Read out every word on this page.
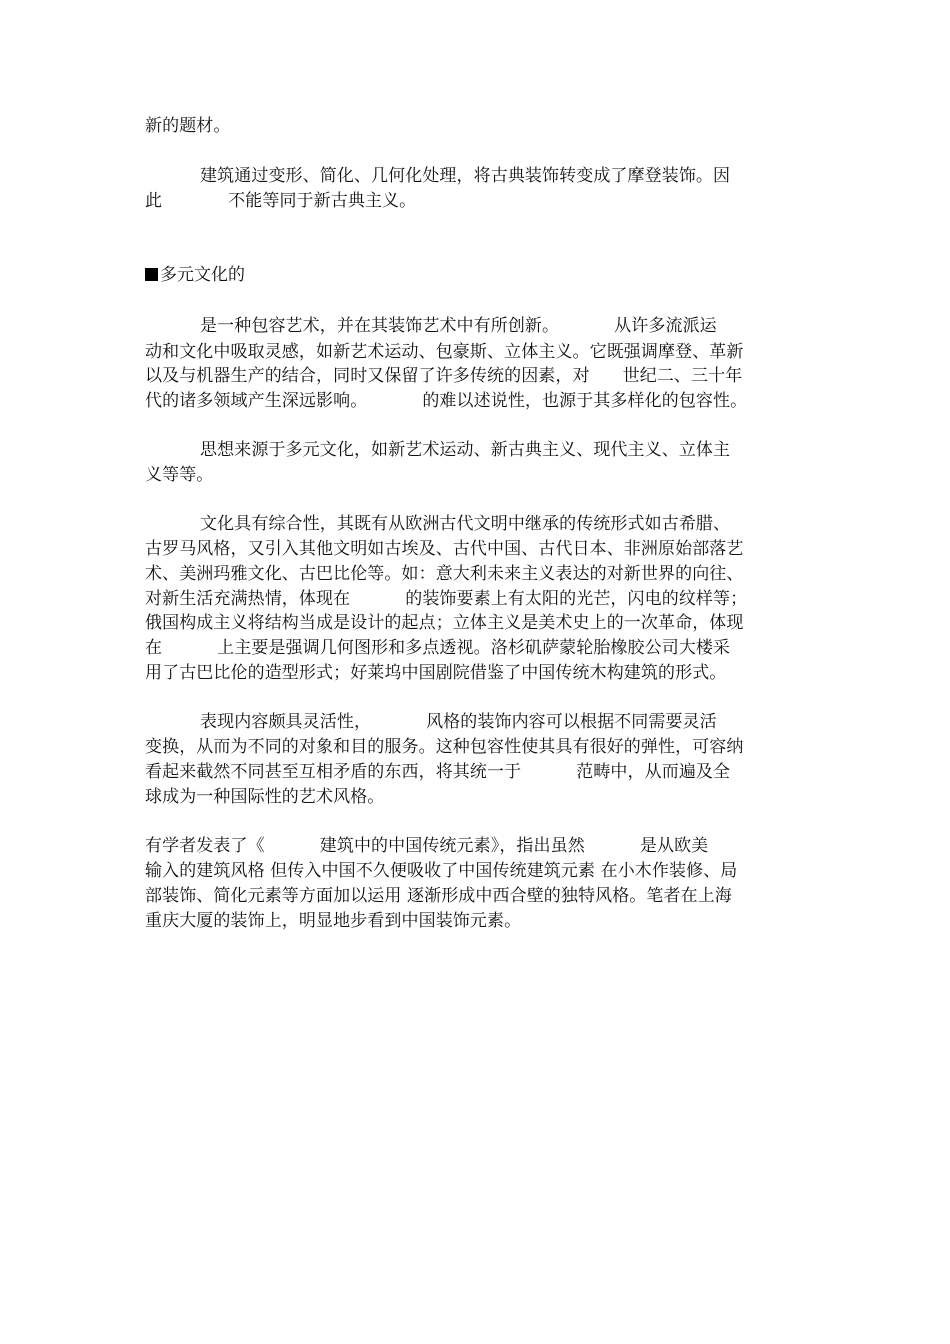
新的题材。
建筑通过变形、简化、几何化处理，将古典装饰转变成了摩登装饰。因
此            不能等同于新古典主义。
多元文化的
是一种包容艺术，并在其装饰艺术中有所创新。          从许多流派运
动和文化中吸取灵感，如新艺术运动、包豪斯、立体主义。它既强调摩登、革新
以及与机器生产的结合，同时又保留了许多传统的因素，对      世纪二、三十年
代的诸多领域产生深远影响。          的难以述说性，也源于其多样化的包容性。
思想来源于多元文化，如新艺术运动、新古典主义、现代主义、立体主
义等等。
文化具有综合性，其既有从欧洲古代文明中继承的传统形式如古希腊、
古罗马风格，又引入其他文明如古埃及、古代中国、古代日本、非洲原始部落艺
术、美洲玛雅文化、古巴比伦等。如：意大利未来主义表达的对新世界的向往、
对新生活充满热情，体现在          的装饰要素上有太阳的光芒，闪电的纹样等；
俄国构成主义将结构当成是设计的起点；立体主义是美术史上的一次革命，体现
在          上主要是强调几何图形和多点透视。洛杉矶萨蒙轮胎橡胶公司大楼采
用了古巴比伦的造型形式；好莱坞中国剧院借鉴了中国传统木构建筑的形式。
表现内容颇具灵活性，          风格的装饰内容可以根据不同需要灵活
变换，从而为不同的对象和目的服务。这种包容性使其具有很好的弹性，可容纳
看起来截然不同甚至互相矛盾的东西，将其统一于          范畴中，从而遍及全
球成为一种国际性的艺术风格。
有学者发表了《          建筑中的中国传统元素》，指出虽然          是从欧美
输入的建筑风格 但传入中国不久便吸收了中国传统建筑元素 在小木作装修、局
部装饰、简化元素等方面加以运用 逐渐形成中西合壁的独特风格。笔者在上海
重庆大厦的装饰上，明显地步看到中国装饰元素。
